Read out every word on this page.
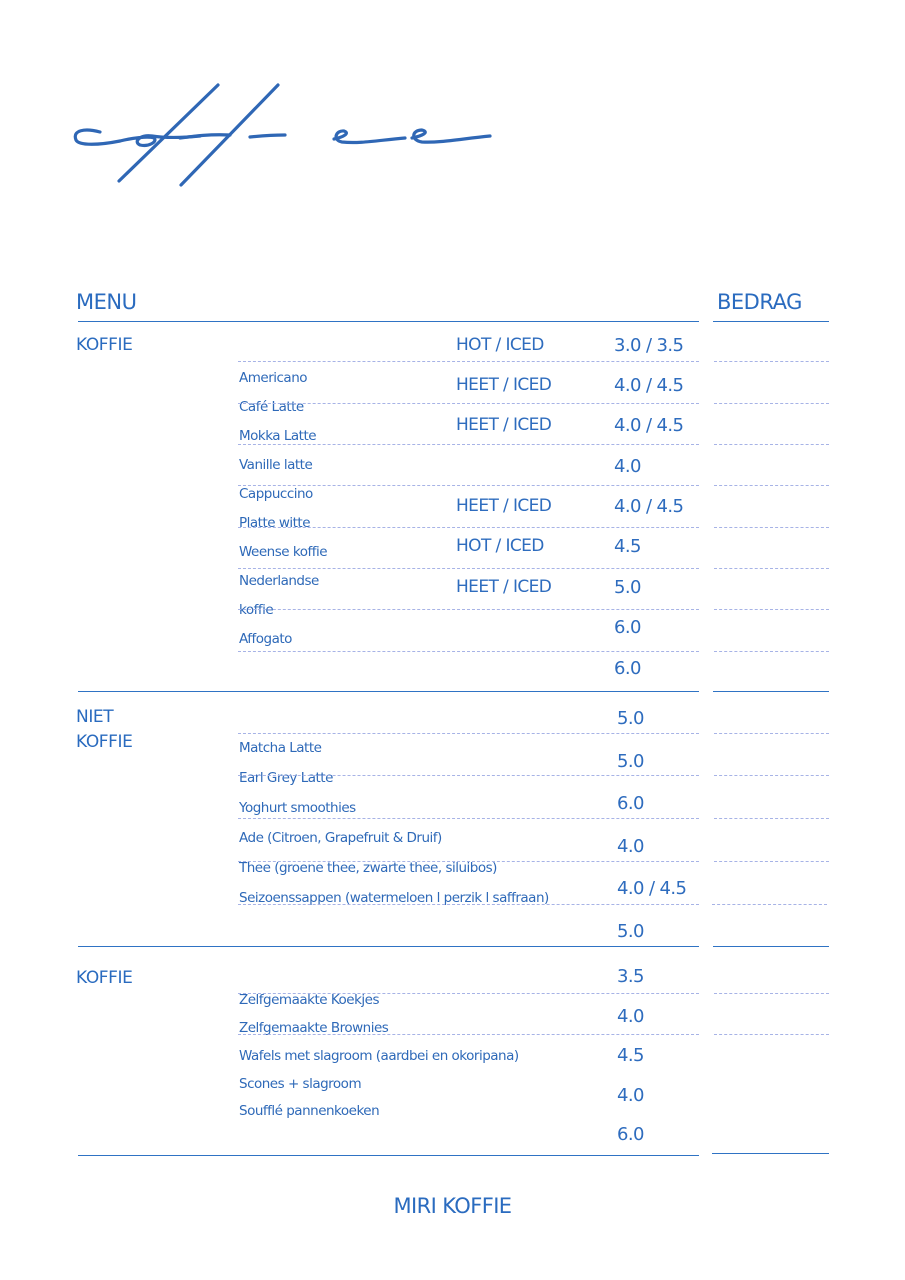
MENU	BEDRAG
KOFFIE
Americano
Café Latte
Mokka Latte
Vanille latte
Cappuccino
Platte witte
Weense koffie
Nederlandse
koffie
Affogato
HOT / ICED
HEET / ICED
HEET / ICED
HEET / ICED
HOT / ICED
HEET / ICED
3.0 / 3.5
4.0 / 4.5
4.0 / 4.5
4.0
4.0 / 4.5
4.5
5.0
6.0
6.0
NIET
KOFFIE	Matcha Latte
Earl Grey Latte
Yoghurt smoothies
Ade (Citroen, Grapefruit & Druif)
Thee (groene thee, zwarte thee, siluibos)
Seizoenssappen (watermeloen l perzik l saffraan)
5.0
5.0
6.0
4.0
4.0 / 4.5
5.0
KOFFIE
Zelfgemaakte Koekjes
Zelfgemaakte Brownies
Wafels met slagroom (aardbei en okoripana)
Scones + slagroom
Soufflé pannenkoeken
3.5
4.0
4.5
4.0
6.0
MIRI KOFFIE
